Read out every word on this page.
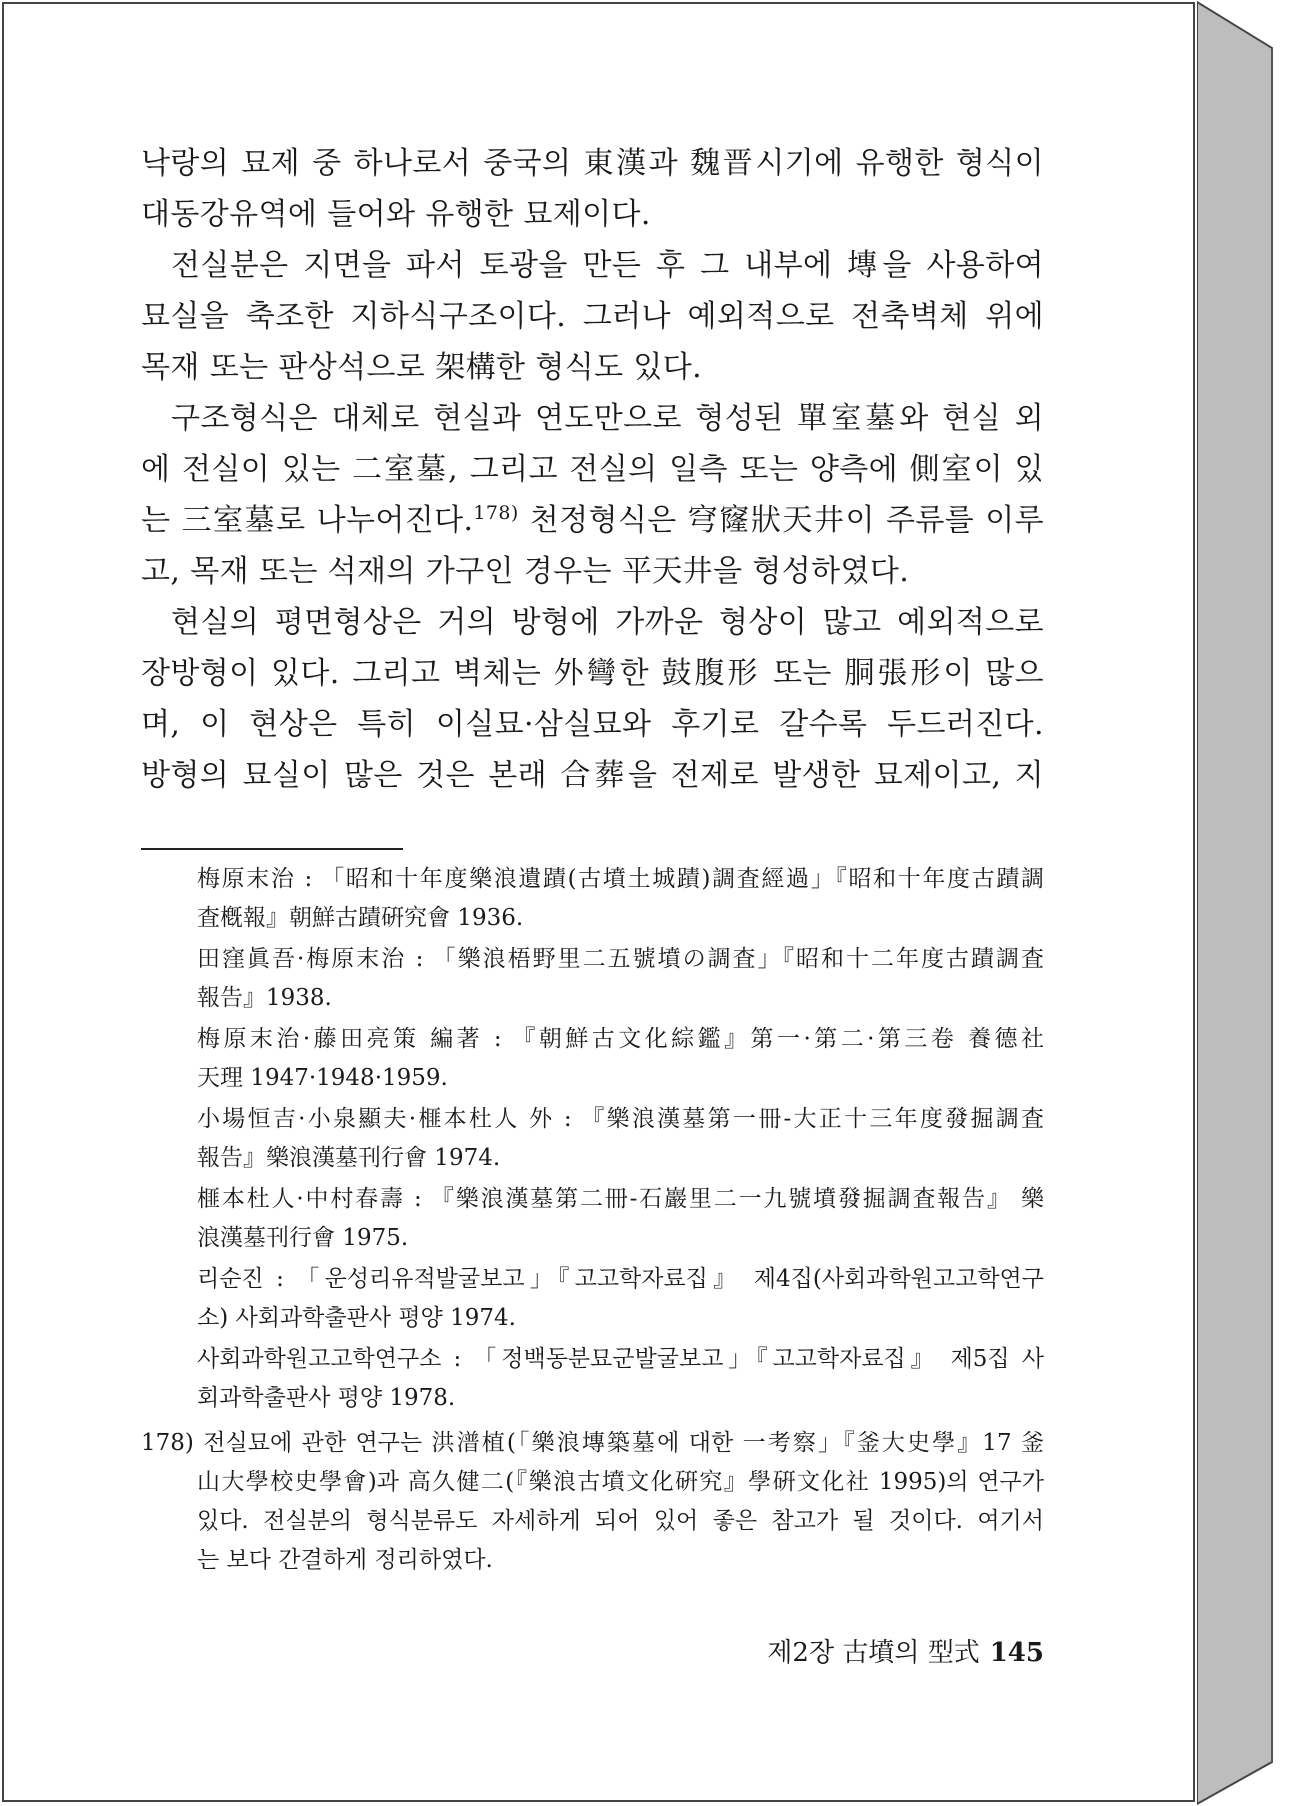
낙랑의 묘제 중 하나로서 중국의 東漢과 魏晋시기에 유행한 형식이
대동강유역에 들어와 유행한 묘제이다.

전실분은 지면을 파서 토광을 만든 후 그 내부에 塼을 사용하여
묘실을 축조한 지하식구조이다. 그러나 예외적으로 전축벽체 위에
목재 또는 판상석으로 架構한 형식도 있다.

구조형식은 대체로 현실과 연도만으로 형성된 單室墓와 현실 외
에 전실이 있는 二室墓, 그리고 전실의 일측 또는 양측에 側室이 있
는 三室墓로 나누어진다.$^{178)}$ 천정형식은 穹窿狀天井이 주류를 이루
고, 목재 또는 석재의 가구인 경우는 平天井을 형성하였다.

현실의 평면형상은 거의 방형에 가까운 형상이 많고 예외적으로
장방형이 있다. 그리고 벽체는 外彎한 鼓腹形 또는 胴張形이 많으
며, 이 현상은 특히 이실묘·삼실묘와 후기로 갈수록 두드러진다.
방형의 묘실이 많은 것은 본래 合葬을 전제로 발생한 묘제이고, 지

梅原末治 : 「昭和十年度樂浪遺蹟(古墳土城蹟)調査經過」『昭和十年度古蹟調
査槪報』朝鮮古蹟硏究會 1936.
田窪眞吾·梅原末治 : 「樂浪梧野里二五號墳の調査」『昭和十二年度古蹟調査
報告』1938.
梅原末治·藤田亮策 編著 : 『朝鮮古文化綜鑑』第一·第二·第三卷 養德社
天理 1947·1948·1959.
小場恒吉·小泉顯夫·榧本杜人 外 : 『樂浪漢墓第一冊-大正十三年度發掘調査
報告』樂浪漢墓刊行會 1974.
榧本杜人·中村春壽 : 『樂浪漢墓第二冊-石巖里二一九號墳發掘調査報告』 樂
浪漢墓刊行會 1975.
리순진 : 「운성리유적발굴보고」『고고학자료집』 제4집(사회과학원고고학연구
소) 사회과학출판사 평양 1974.
사회과학원고고학연구소 : 「정백동분묘군발굴보고」『고고학자료집』 제5집 사
회과학출판사 평양 1978.
178) 전실묘에 관한 연구는 洪潽植(「樂浪塼築墓에 대한 一考察」『釜大史學』17 釜
山大學校史學會)과 高久健二(『樂浪古墳文化硏究』學硏文化社 1995)의 연구가
있다. 전실분의 형식분류도 자세하게 되어 있어 좋은 참고가 될 것이다. 여기서
는 보다 간결하게 정리하였다.
제2장 古墳의 型式 145
